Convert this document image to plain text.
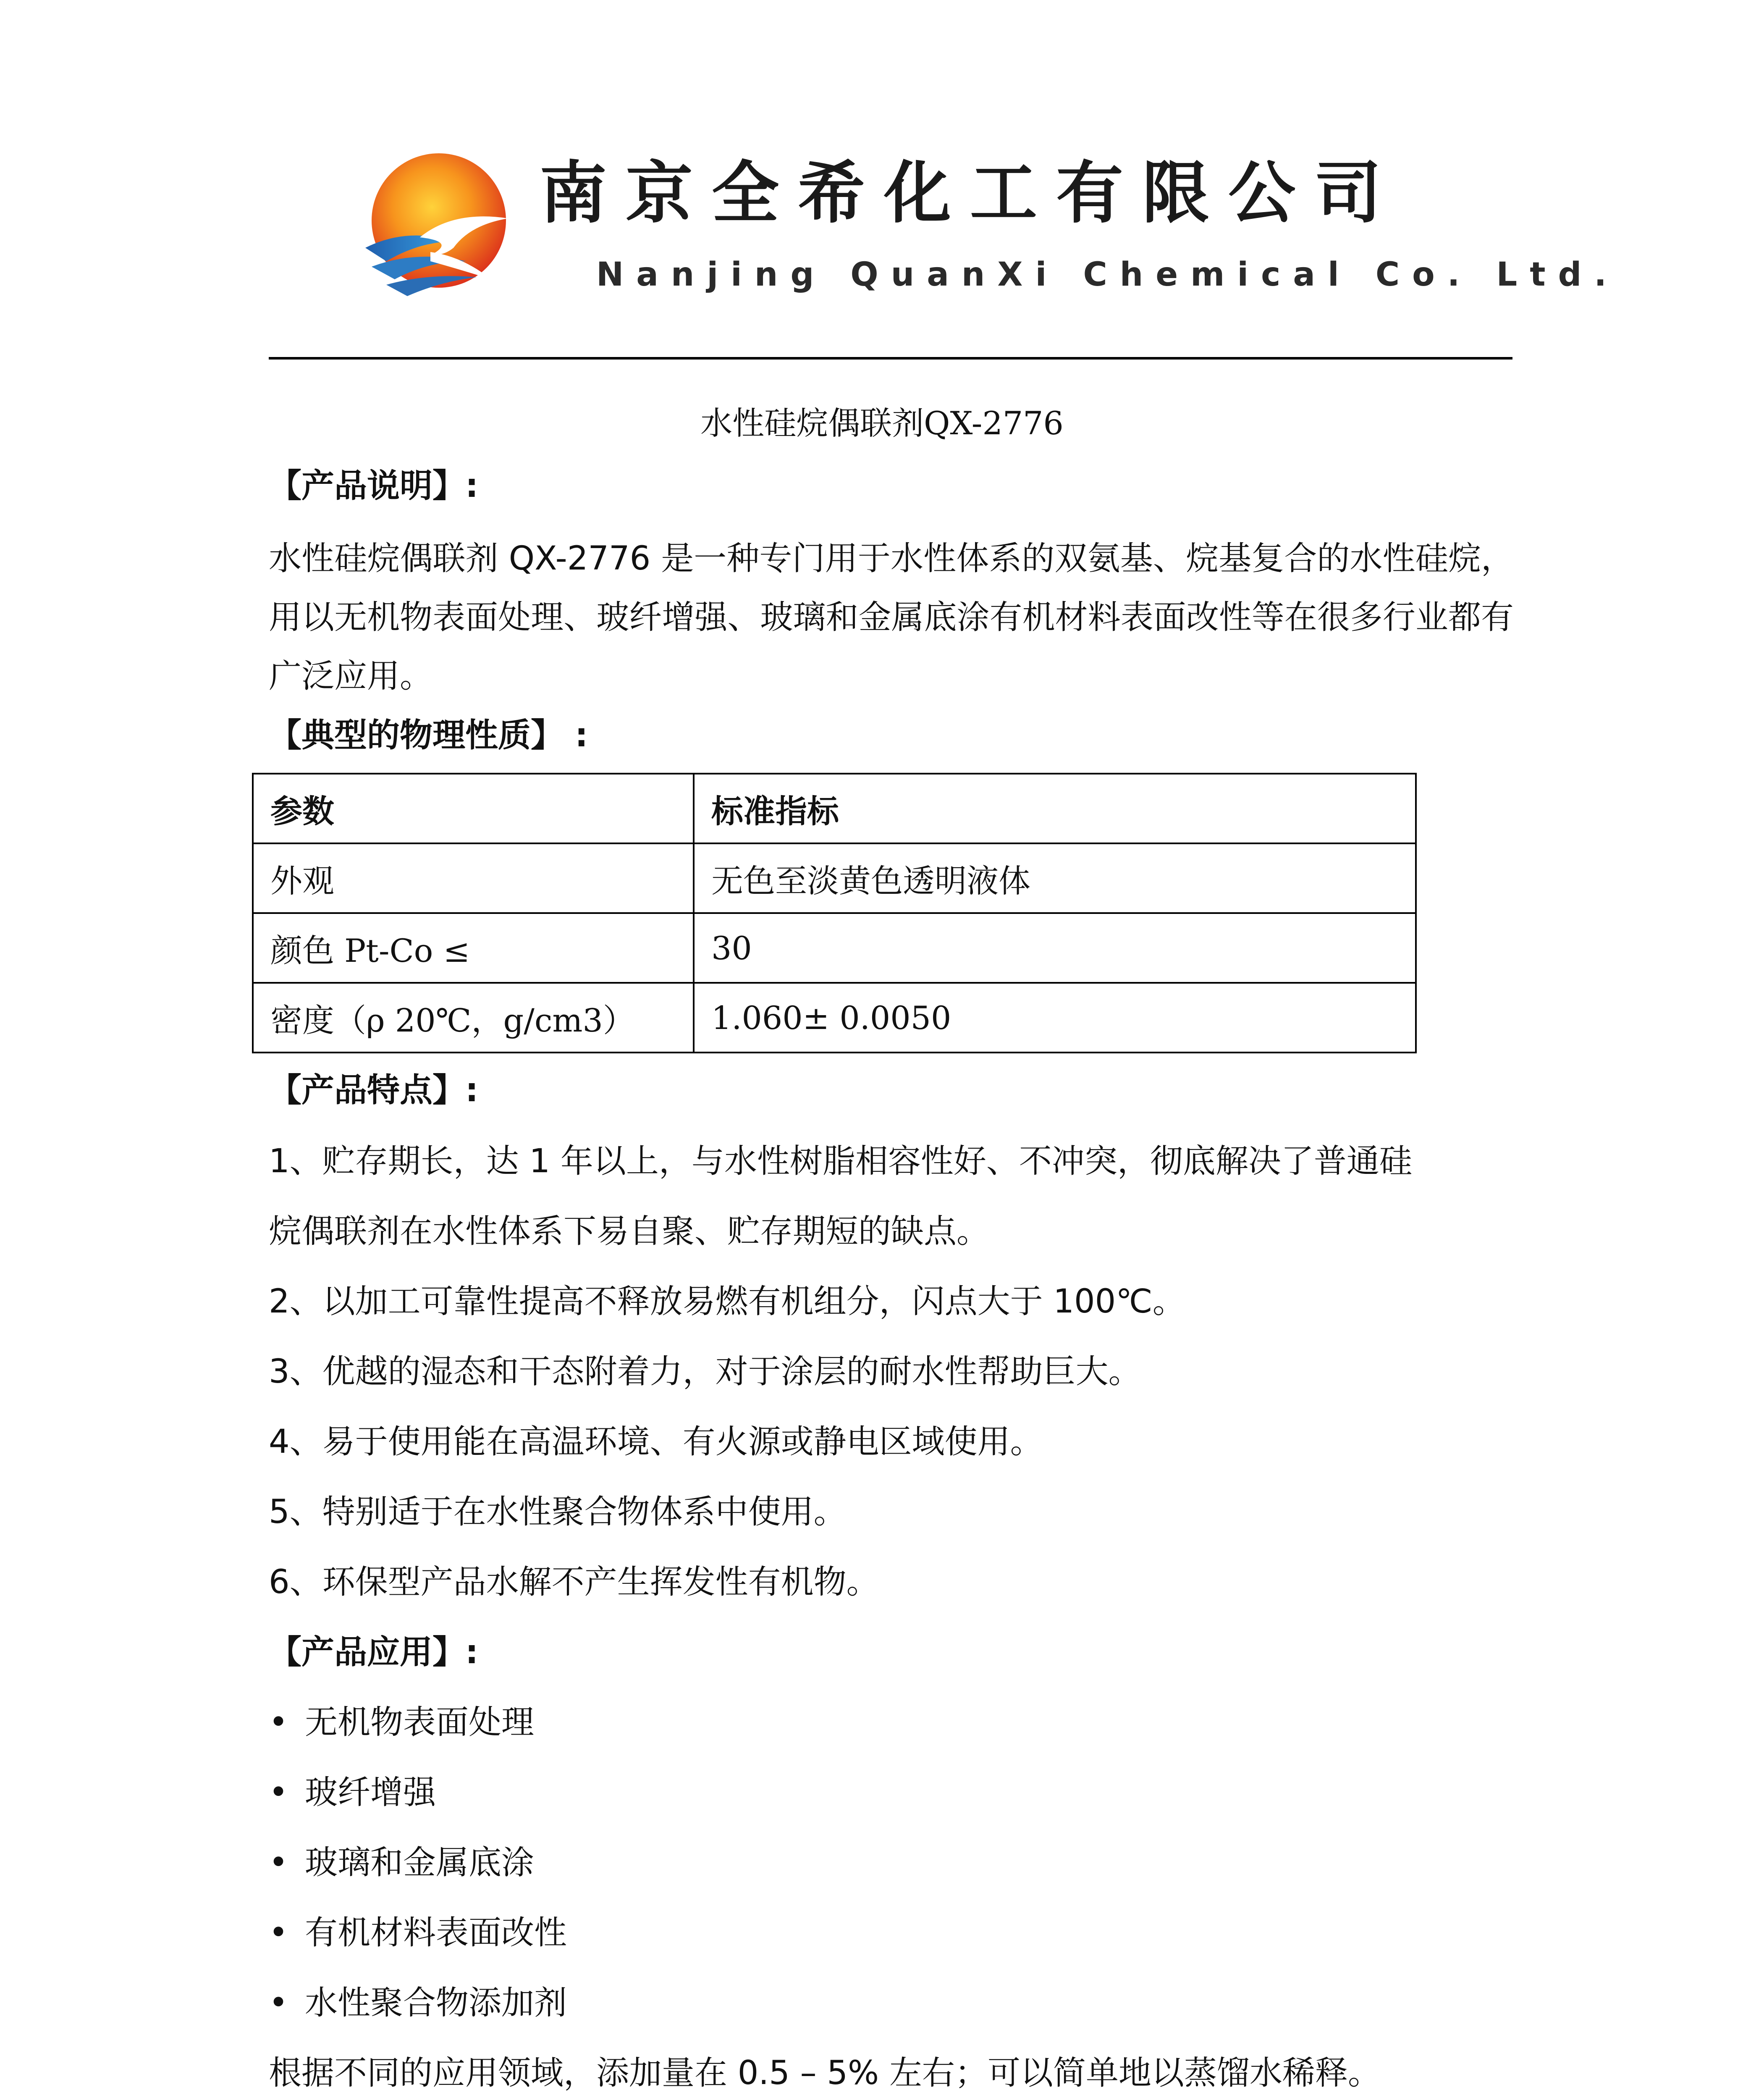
南京全希化工有限公司
Nanjing QuanXi Chemical Co. Ltd.
水性硅烷偶联剂QX-2776
【产品说明】:
水性硅烷偶联剂 QX-2776 是一种专门用于水性体系的双氨基、烷基复合的水性硅烷，用以无机物表面处理、玻纤增强、玻璃和金属底涂有机材料表面改性等在很多行业都有广泛应用。
【典型的物理性质】 :
参数	标准指标
外观	无色至淡黄色透明液体
颜色 Pt-Co ≤	30
密度（ρ 20℃，g/cm3）	1.060± 0.0050
【产品特点】:
1、贮存期长，达 1 年以上，与水性树脂相容性好、不冲突，彻底解决了普通硅
烷偶联剂在水性体系下易自聚、贮存期短的缺点。
2、以加工可靠性提高不释放易燃有机组分，闪点大于 100℃。
3、优越的湿态和干态附着力，对于涂层的耐水性帮助巨大。
4、易于使用能在高温环境、有火源或静电区域使用。
5、特别适于在水性聚合物体系中使用。
6、环保型产品水解不产生挥发性有机物。
【产品应用】:
• 无机物表面处理
• 玻纤增强
• 玻璃和金属底涂
• 有机材料表面改性
• 水性聚合物添加剂
根据不同的应用领域，添加量在 0.5 – 5% 左右；可以简单地以蒸馏水稀释。
